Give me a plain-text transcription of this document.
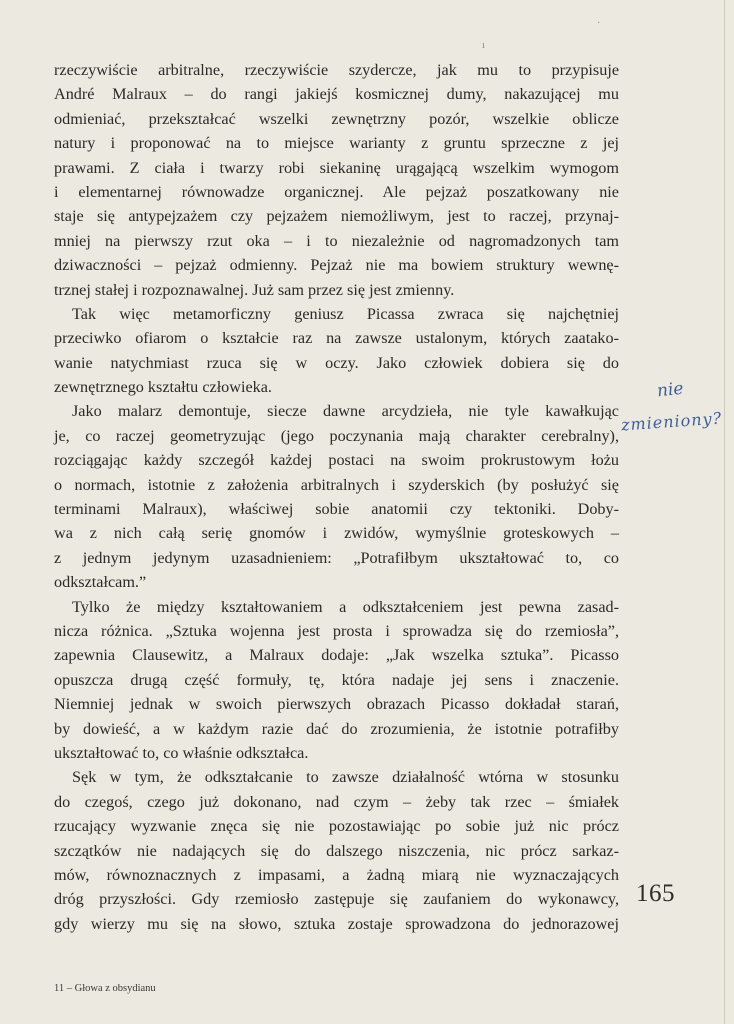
ı
·
rzeczywiście arbitralne, rzeczywiście szydercze, jak mu to przypisuje
André Malraux – do rangi jakiejś kosmicznej dumy, nakazującej mu
odmieniać, przekształcać wszelki zewnętrzny pozór, wszelkie oblicze
natury i proponować na to miejsce warianty z gruntu sprzeczne z jej
prawami. Z ciała i twarzy robi siekaninę urągającą wszelkim wymogom
i elementarnej równowadze organicznej. Ale pejzaż poszatkowany nie
staje się antypejzażem czy pejzażem niemożliwym, jest to raczej, przynaj-
mniej na pierwszy rzut oka – i to niezależnie od nagromadzonych tam
dziwaczności – pejzaż odmienny. Pejzaż nie ma bowiem struktury wewnę-
trznej stałej i rozpoznawalnej. Już sam przez się jest zmienny.
Tak więc metamorficzny geniusz Picassa zwraca się najchętniej
przeciwko ofiarom o kształcie raz na zawsze ustalonym, których zaatako-
wanie natychmiast rzuca się w oczy. Jako człowiek dobiera się do
zewnętrznego kształtu człowieka.
Jako malarz demontuje, siecze dawne arcydzieła, nie tyle kawałkując
je, co raczej geometryzując (jego poczynania mają charakter cerebralny),
rozciągając każdy szczegół każdej postaci na swoim prokrustowym łożu
o normach, istotnie z założenia arbitralnych i szyderskich (by posłużyć się
terminami Malraux), właściwej sobie anatomii czy tektoniki. Doby-
wa z nich całą serię gnomów i zwidów, wymyślnie groteskowych –
z jednym jedynym uzasadnieniem: „Potrafiłbym ukształtować to, co
odkształcam.”
Tylko że między kształtowaniem a odkształceniem jest pewna zasad-
nicza różnica. „Sztuka wojenna jest prosta i sprowadza się do rzemiosła”,
zapewnia Clausewitz, a Malraux dodaje: „Jak wszelka sztuka”. Picasso
opuszcza drugą część formuły, tę, która nadaje jej sens i znaczenie.
Niemniej jednak w swoich pierwszych obrazach Picasso dokładał starań,
by dowieść, a w każdym razie dać do zrozumienia, że istotnie potrafiłby
ukształtować to, co właśnie odkształca.
Sęk w tym, że odkształcanie to zawsze działalność wtórna w stosunku
do czegoś, czego już dokonano, nad czym – żeby tak rzec – śmiałek
rzucający wyzwanie znęca się nie pozostawiając po sobie już nic prócz
szczątków nie nadających się do dalszego niszczenia, nic prócz sarkaz-
mów, równoznacznych z impasami, a żadną miarą nie wyznaczających
dróg przyszłości. Gdy rzemiosło zastępuje się zaufaniem do wykonawcy,
gdy wierzy mu się na słowo, sztuka zostaje sprowadzona do jednorazowej
nie
zmieniony?
165
11 – Głowa z obsydianu
